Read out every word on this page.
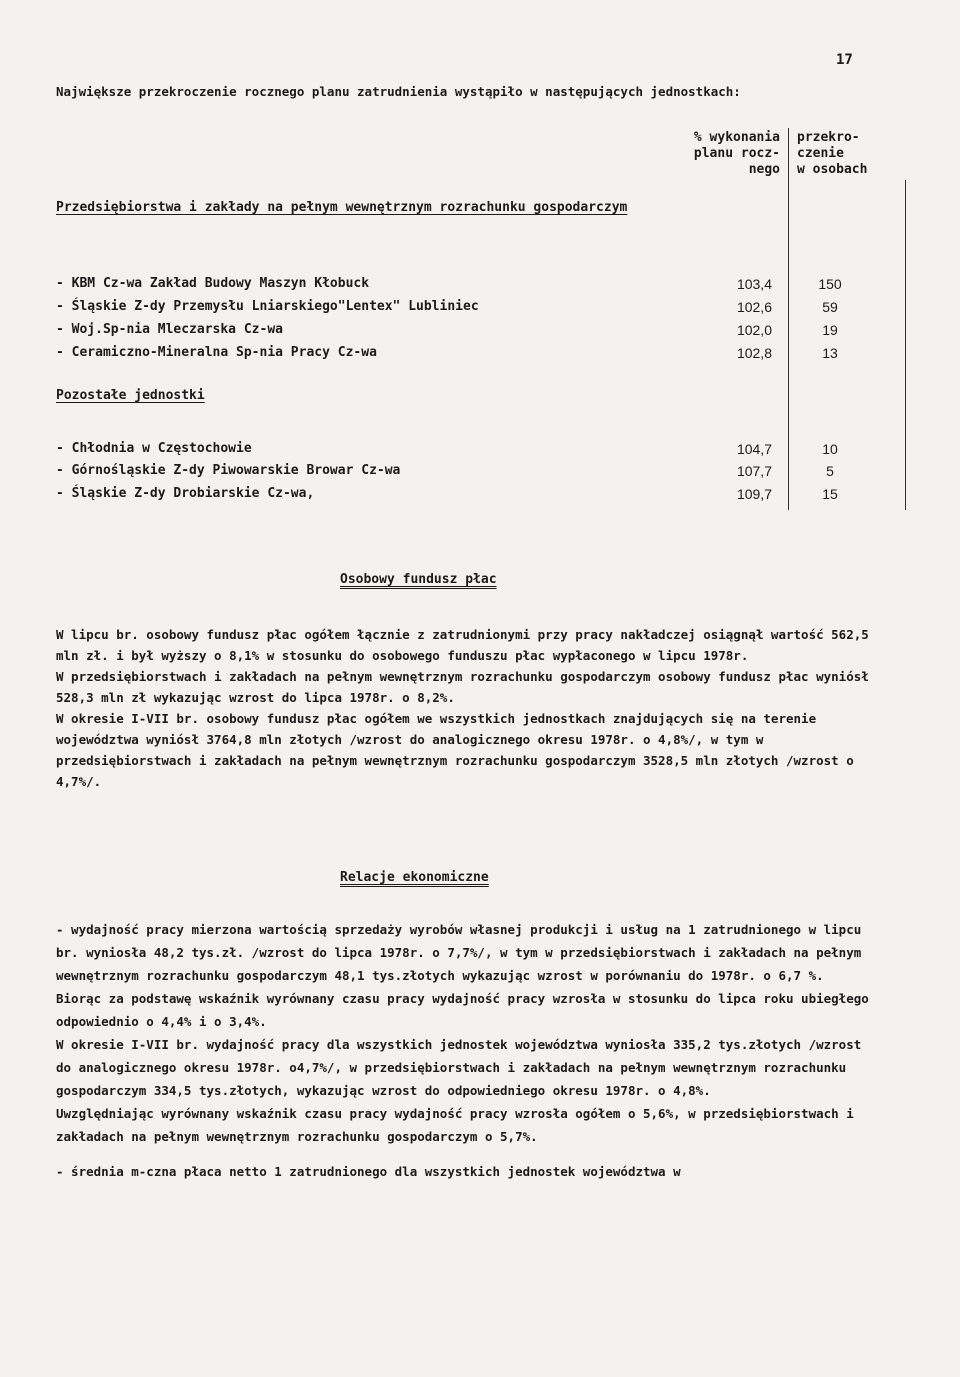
17
Największe przekroczenie rocznego planu zatrudnienia wystąpiło w następujących jednostkach:
% wykonania
planu rocz-
nego
przekro-
czenie
w osobach
Przedsiębiorstwa i zakłady na pełnym wewnętrznym rozrachunku gospodarczym
- KBM Cz-wa Zakład Budowy Maszyn Kłobuck	103,4	150
- Śląskie Z-dy Przemysłu Lniarskiego"Lentex" Lubliniec	102,6	59
- Woj.Sp-nia Mleczarska Cz-wa	102,0	19
- Ceramiczno-Mineralna Sp-nia Pracy Cz-wa	102,8	13
Pozostałe jednostki
- Chłodnia w Częstochowie	104,7	10
- Górnośląskie Z-dy Piwowarskie Browar Cz-wa	107,7	5
- Śląskie Z-dy Drobiarskie Cz-wa,	109,7	15
Osobowy fundusz płac

W lipcu br. osobowy fundusz płac ogółem łącznie z zatrudnionymi przy pracy nakładczej osiągnął wartość 562,5 mln zł. i był wyższy o 8,1% w stosunku do osobowego funduszu płac wypłaconego w lipcu 1978r.

W przedsiębiorstwach i zakładach na pełnym wewnętrznym rozrachunku gospodarczym osobowy fundusz płac wyniósł 528,3 mln zł wykazując wzrost do lipca 1978r. o 8,2%.

W okresie I-VII br. osobowy fundusz płac ogółem we wszystkich jednostkach znajdujących się na terenie województwa wyniósł 3764,8 mln złotych /wzrost do analogicznego okresu 1978r. o 4,8%/, w tym w przedsiębiorstwach i zakładach na pełnym wewnętrznym rozrachunku gospodarczym 3528,5 mln złotych /wzrost o 4,7%/.

Relacje ekonomiczne

- wydajność pracy mierzona wartością sprzedaży wyrobów własnej produkcji i usług na 1 zatrudnionego w lipcu br. wyniosła 48,2 tys.zł. /wzrost do lipca 1978r. o 7,7%/, w tym w przedsiębiorstwach i zakładach na pełnym wewnętrznym rozrachunku gospodarczym 48,1 tys.złotych wykazując wzrost w porównaniu do 1978r. o 6,7 %. Biorąc za podstawę wskaźnik wyrównany czasu pracy wydajność pracy wzrosła w stosunku do lipca roku ubiegłego odpowiednio o 4,4% i o 3,4%.

W okresie I-VII br. wydajność pracy dla wszystkich jednostek województwa wyniosła 335,2 tys.złotych /wzrost do analogicznego okresu 1978r. o4,7%/, w przedsiębiorstwach i zakładach na pełnym wewnętrznym rozrachunku gospodarczym 334,5 tys.złotych, wykazując wzrost do odpowiedniego okresu 1978r. o 4,8%.

Uwzględniając wyrównany wskaźnik czasu pracy wydajność pracy wzrosła ogółem o 5,6%, w przedsiębiorstwach i zakładach na pełnym wewnętrznym rozrachunku gospodarczym o 5,7%.

- średnia m-czna płaca netto 1 zatrudnionego dla wszystkich jednostek województwa w
